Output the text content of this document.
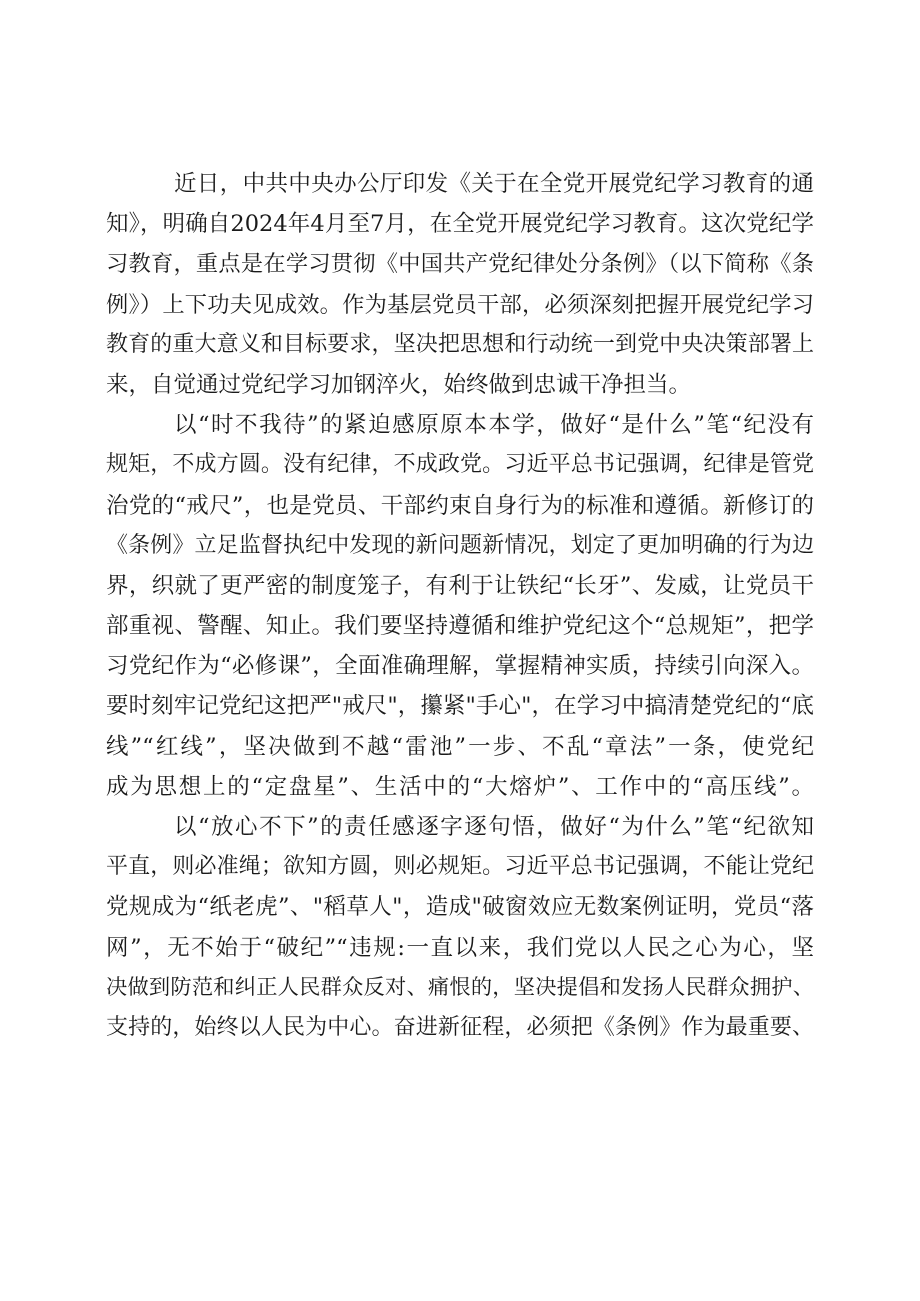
近日，中共中央办公厅印发《关于在全党开展党纪学习教育的通
知》，明确自2024年4月至7月，在全党开展党纪学习教育。这次党纪学
习教育，重点是在学习贯彻《中国共产党纪律处分条例》（以下简称《条
例》）上下功夫见成效。作为基层党员干部，必须深刻把握开展党纪学习
教育的重大意义和目标要求，坚决把思想和行动统一到党中央决策部署上
来，自觉通过党纪学习加钢淬火，始终做到忠诚干净担当。
以“时不我待”的紧迫感原原本本学，做好“是什么”笔“纪没有
规矩，不成方圆。没有纪律，不成政党。习近平总书记强调，纪律是管党
治党的“戒尺”，也是党员、干部约束自身行为的标准和遵循。新修订的
《条例》立足监督执纪中发现的新问题新情况，划定了更加明确的行为边
界，织就了更严密的制度笼子，有利于让铁纪“长牙”、发威，让党员干
部重视、警醒、知止。我们要坚持遵循和维护党纪这个“总规矩”，把学
习党纪作为“必修课”，全面准确理解，掌握精神实质，持续引向深入。
要时刻牢记党纪这把严"戒尺"，攥紧"手心"，在学习中搞清楚党纪的“底
线”“红线”，坚决做到不越“雷池”一步、不乱“章法”一条，使党纪
成为思想上的“定盘星”、生活中的“大熔炉”、工作中的“高压线”。
以“放心不下”的责任感逐字逐句悟，做好“为什么”笔“纪欲知
平直，则必准绳；欲知方圆，则必规矩。习近平总书记强调，不能让党纪
党规成为“纸老虎”、"稻草人"，造成"破窗效应无数案例证明，党员“落
网”，无不始于“破纪”“违规:一直以来，我们党以人民之心为心，坚
决做到防范和纠正人民群众反对、痛恨的，坚决提倡和发扬人民群众拥护、
支持的，始终以人民为中心。奋进新征程，必须把《条例》作为最重要、
